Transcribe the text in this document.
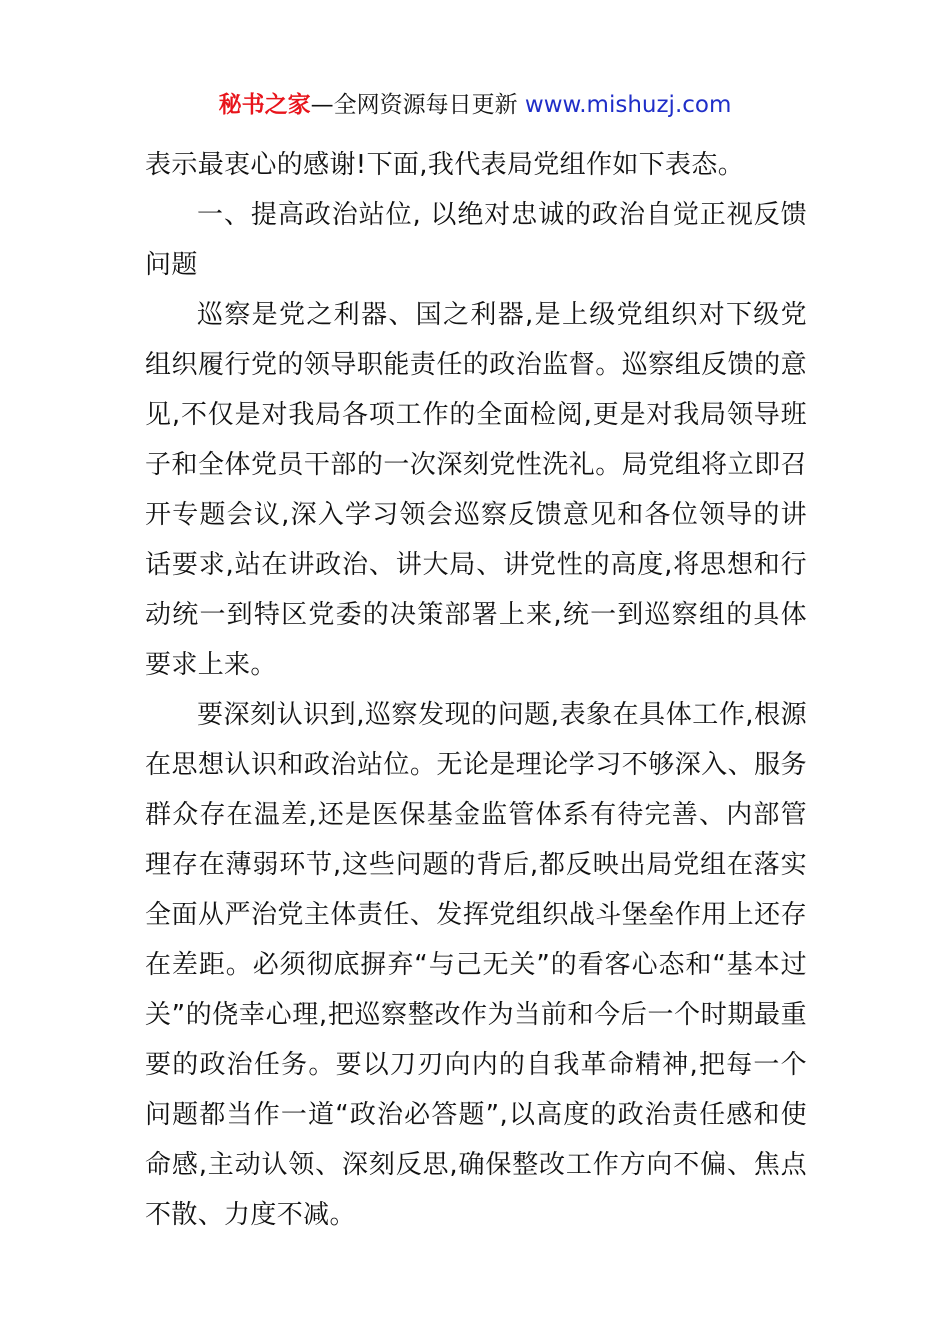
秘书之家—全网资源每日更新 www.mishuzj.com

表示最衷心的感谢!下面,我代表局党组作如下表态。

一、提高政治站位, 以绝对忠诚的政治自觉正视反馈问题

巡察是党之利器、国之利器,是上级党组织对下级党组织履行党的领导职能责任的政治监督。巡察组反馈的意见,不仅是对我局各项工作的全面检阅,更是对我局领导班子和全体党员干部的一次深刻党性洗礼。局党组将立即召开专题会议,深入学习领会巡察反馈意见和各位领导的讲话要求,站在讲政治、讲大局、讲党性的高度,将思想和行动统一到特区党委的决策部署上来,统一到巡察组的具体要求上来。

要深刻认识到,巡察发现的问题,表象在具体工作,根源在思想认识和政治站位。无论是理论学习不够深入、服务群众存在温差,还是医保基金监管体系有待完善、内部管理存在薄弱环节,这些问题的背后,都反映出局党组在落实全面从严治党主体责任、发挥党组织战斗堡垒作用上还存在差距。必须彻底摒弃“与己无关”的看客心态和“基本过关”的侥幸心理,把巡察整改作为当前和今后一个时期最重要的政治任务。要以刀刃向内的自我革命精神,把每一个问题都当作一道“政治必答题”,以高度的政治责任感和使命感,主动认领、深刻反思,确保整改工作方向不偏、焦点不散、力度不减。
